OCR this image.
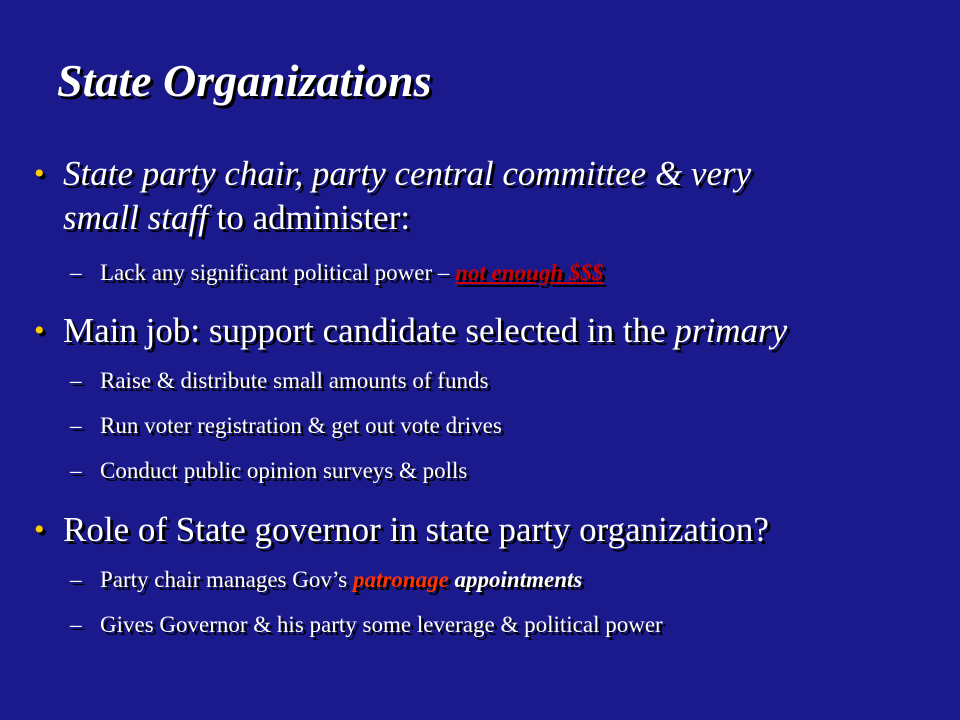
State Organizations
• State party chair, party central committee & very
small staff to administer:
– Lack any significant political power – not enough $$$
• Main job: support candidate selected in the primary
– Raise & distribute small amounts of funds
– Run voter registration & get out vote drives
– Conduct public opinion surveys & polls
• Role of State governor in state party organization?
– Party chair manages Gov’s patronage appointments
– Gives Governor & his party some leverage & political power
